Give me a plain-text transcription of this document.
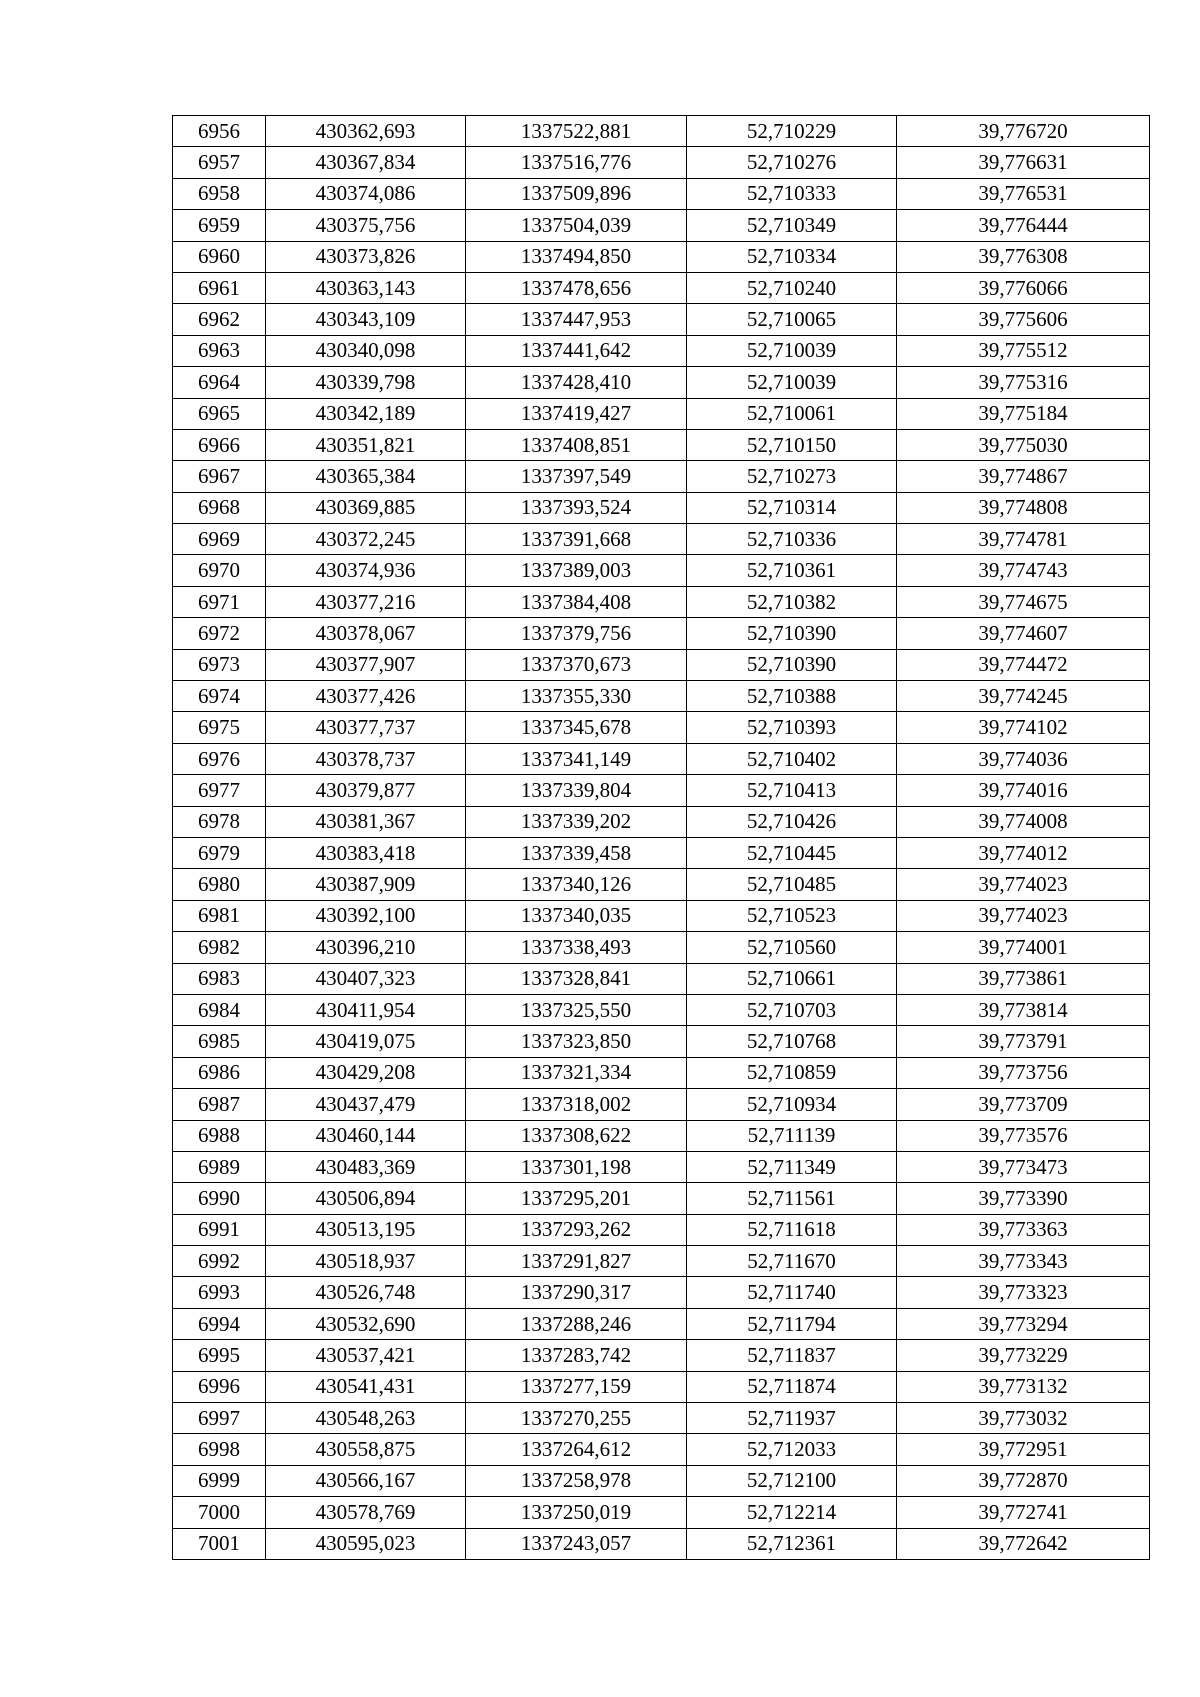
6956	430362,693	1337522,881	52,710229	39,776720
6957	430367,834	1337516,776	52,710276	39,776631
6958	430374,086	1337509,896	52,710333	39,776531
6959	430375,756	1337504,039	52,710349	39,776444
6960	430373,826	1337494,850	52,710334	39,776308
6961	430363,143	1337478,656	52,710240	39,776066
6962	430343,109	1337447,953	52,710065	39,775606
6963	430340,098	1337441,642	52,710039	39,775512
6964	430339,798	1337428,410	52,710039	39,775316
6965	430342,189	1337419,427	52,710061	39,775184
6966	430351,821	1337408,851	52,710150	39,775030
6967	430365,384	1337397,549	52,710273	39,774867
6968	430369,885	1337393,524	52,710314	39,774808
6969	430372,245	1337391,668	52,710336	39,774781
6970	430374,936	1337389,003	52,710361	39,774743
6971	430377,216	1337384,408	52,710382	39,774675
6972	430378,067	1337379,756	52,710390	39,774607
6973	430377,907	1337370,673	52,710390	39,774472
6974	430377,426	1337355,330	52,710388	39,774245
6975	430377,737	1337345,678	52,710393	39,774102
6976	430378,737	1337341,149	52,710402	39,774036
6977	430379,877	1337339,804	52,710413	39,774016
6978	430381,367	1337339,202	52,710426	39,774008
6979	430383,418	1337339,458	52,710445	39,774012
6980	430387,909	1337340,126	52,710485	39,774023
6981	430392,100	1337340,035	52,710523	39,774023
6982	430396,210	1337338,493	52,710560	39,774001
6983	430407,323	1337328,841	52,710661	39,773861
6984	430411,954	1337325,550	52,710703	39,773814
6985	430419,075	1337323,850	52,710768	39,773791
6986	430429,208	1337321,334	52,710859	39,773756
6987	430437,479	1337318,002	52,710934	39,773709
6988	430460,144	1337308,622	52,711139	39,773576
6989	430483,369	1337301,198	52,711349	39,773473
6990	430506,894	1337295,201	52,711561	39,773390
6991	430513,195	1337293,262	52,711618	39,773363
6992	430518,937	1337291,827	52,711670	39,773343
6993	430526,748	1337290,317	52,711740	39,773323
6994	430532,690	1337288,246	52,711794	39,773294
6995	430537,421	1337283,742	52,711837	39,773229
6996	430541,431	1337277,159	52,711874	39,773132
6997	430548,263	1337270,255	52,711937	39,773032
6998	430558,875	1337264,612	52,712033	39,772951
6999	430566,167	1337258,978	52,712100	39,772870
7000	430578,769	1337250,019	52,712214	39,772741
7001	430595,023	1337243,057	52,712361	39,772642
